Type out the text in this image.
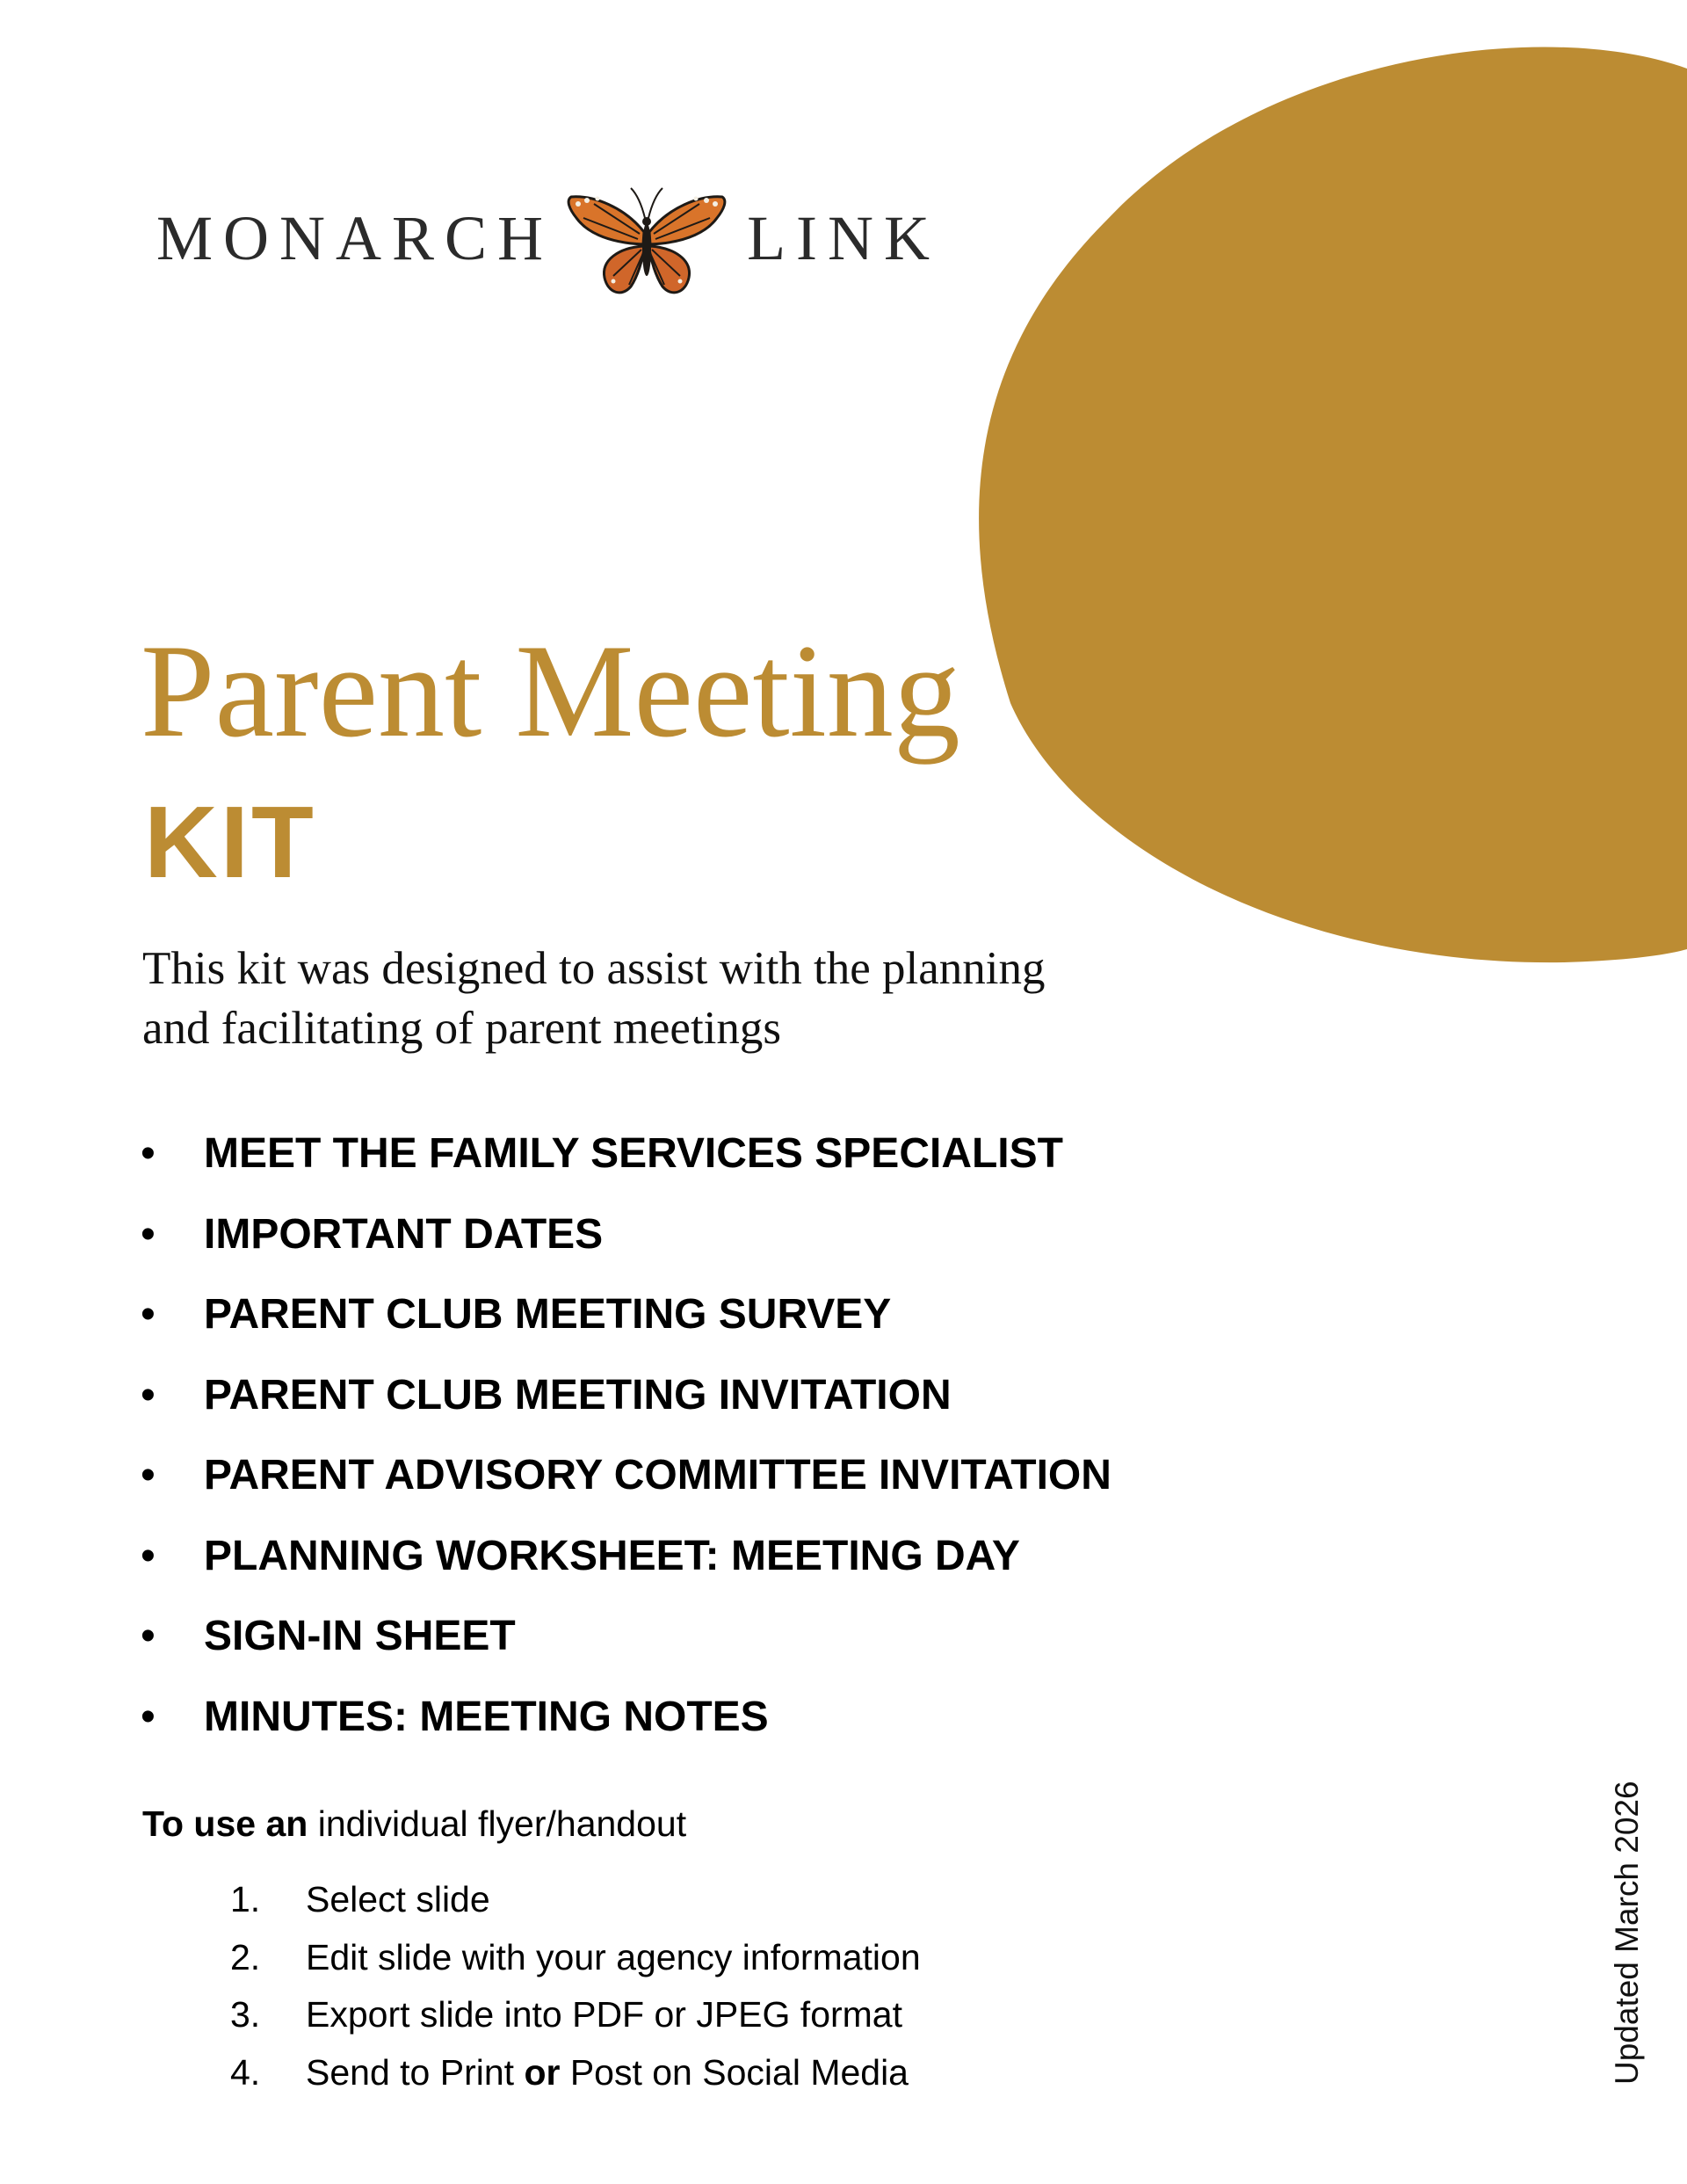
MONARCH	LINK
Parent Meeting
KIT
This kit was designed to assist with the planning and facilitating of parent meetings
• MEET THE FAMILY SERVICES SPECIALIST
• IMPORTANT DATES
• PARENT CLUB MEETING SURVEY
• PARENT CLUB MEETING INVITATION
• PARENT ADVISORY COMMITTEE INVITATION
• PLANNING WORKSHEET: MEETING DAY
• SIGN-IN SHEET
• MINUTES: MEETING NOTES
To use an individual flyer/handout
1.	Select slide
2.	Edit slide with your agency information
3.	Export slide into PDF or JPEG format
4.	Send to Print or Post on Social Media	Updated March 2026
